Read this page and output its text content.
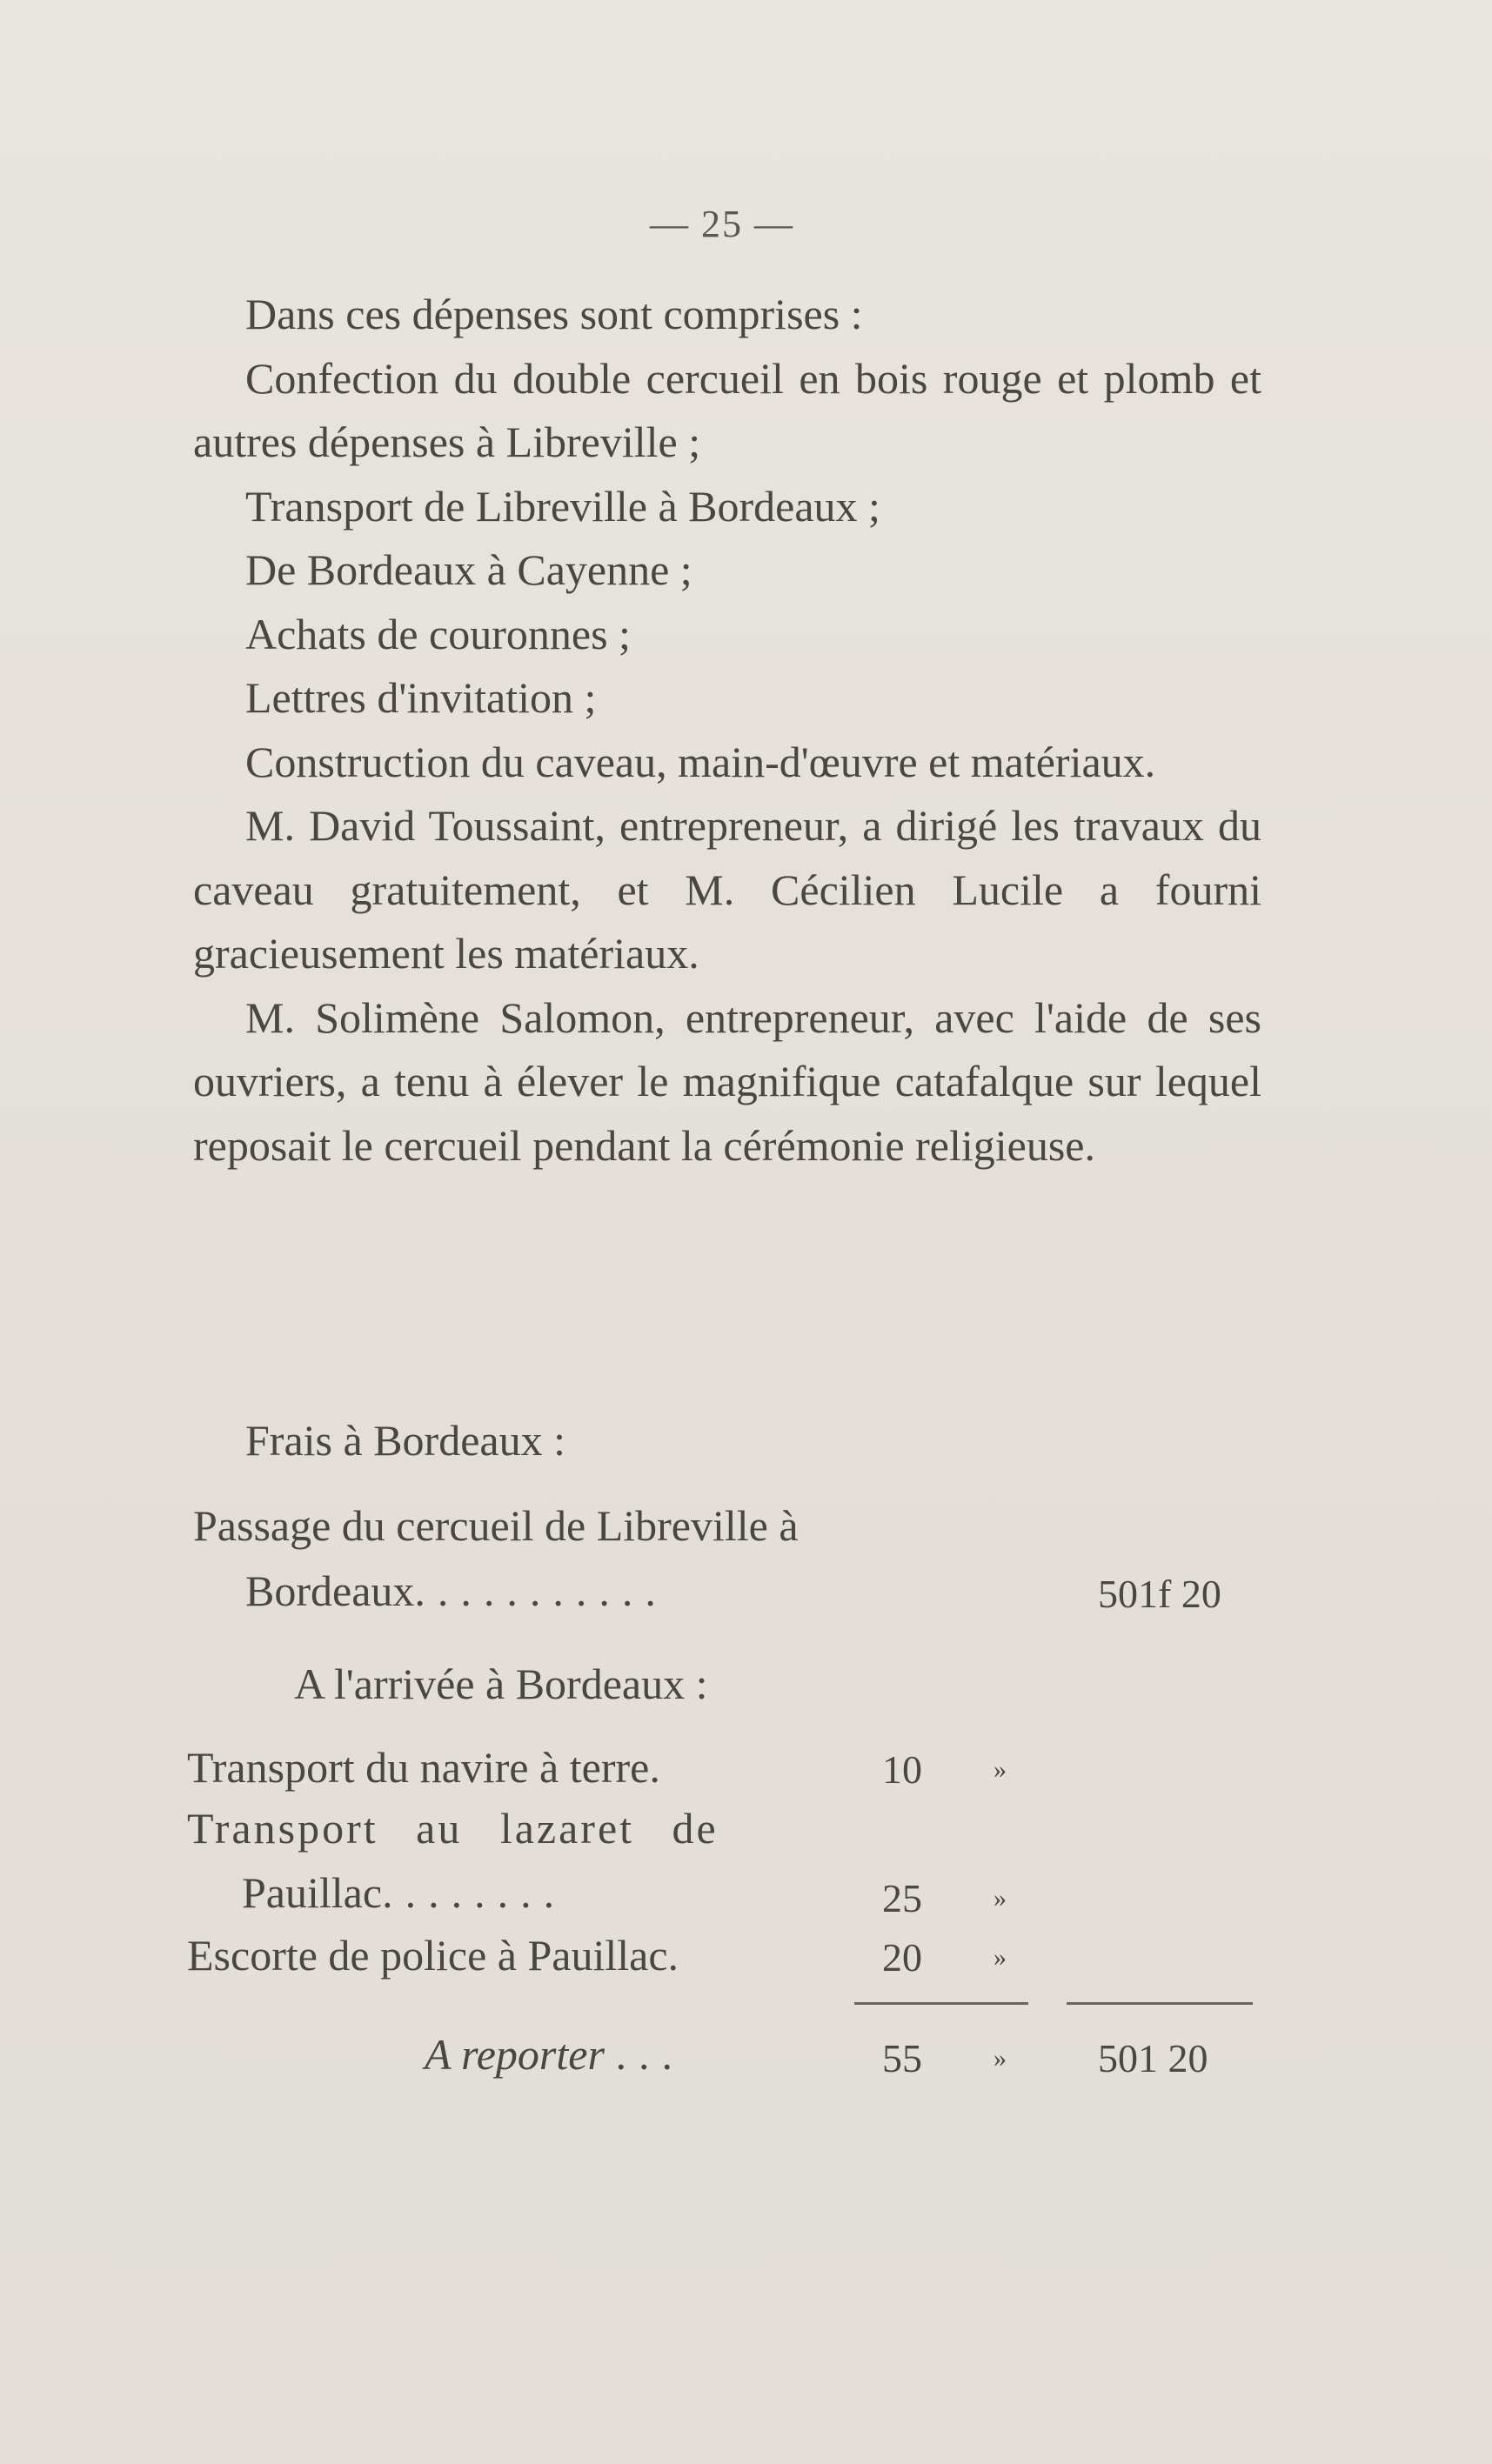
— 25 —

Dans ces dépenses sont comprises :

Confection du double cercueil en bois rouge et plomb et autres dépenses à Libreville ;

Transport de Libreville à Bordeaux ;

De Bordeaux à Cayenne ;

Achats de couronnes ;

Lettres d'invitation ;

Construction du caveau, main-d'œuvre et matériaux.

M. David Toussaint, entrepreneur, a dirigé les travaux du caveau gratuitement, et M. Cécilien Lucile a fourni gracieusement les matériaux.

M. Solimène Salomon, entrepreneur, avec l'aide de ses ouvriers, a tenu à élever le magnifique catafalque sur lequel reposait le cercueil pendant la cérémonie religieuse.

Frais à Bordeaux :
Passage du cercueil de Libreville à
Bordeaux...........	501f 20
A l'arrivée à Bordeaux :
Transport du navire à terre.	10	»
Transport au lazaret de
Pauillac........	25	»
Escorte de police à Pauillac.	20	»
A reporter ...	55	» 501 20
